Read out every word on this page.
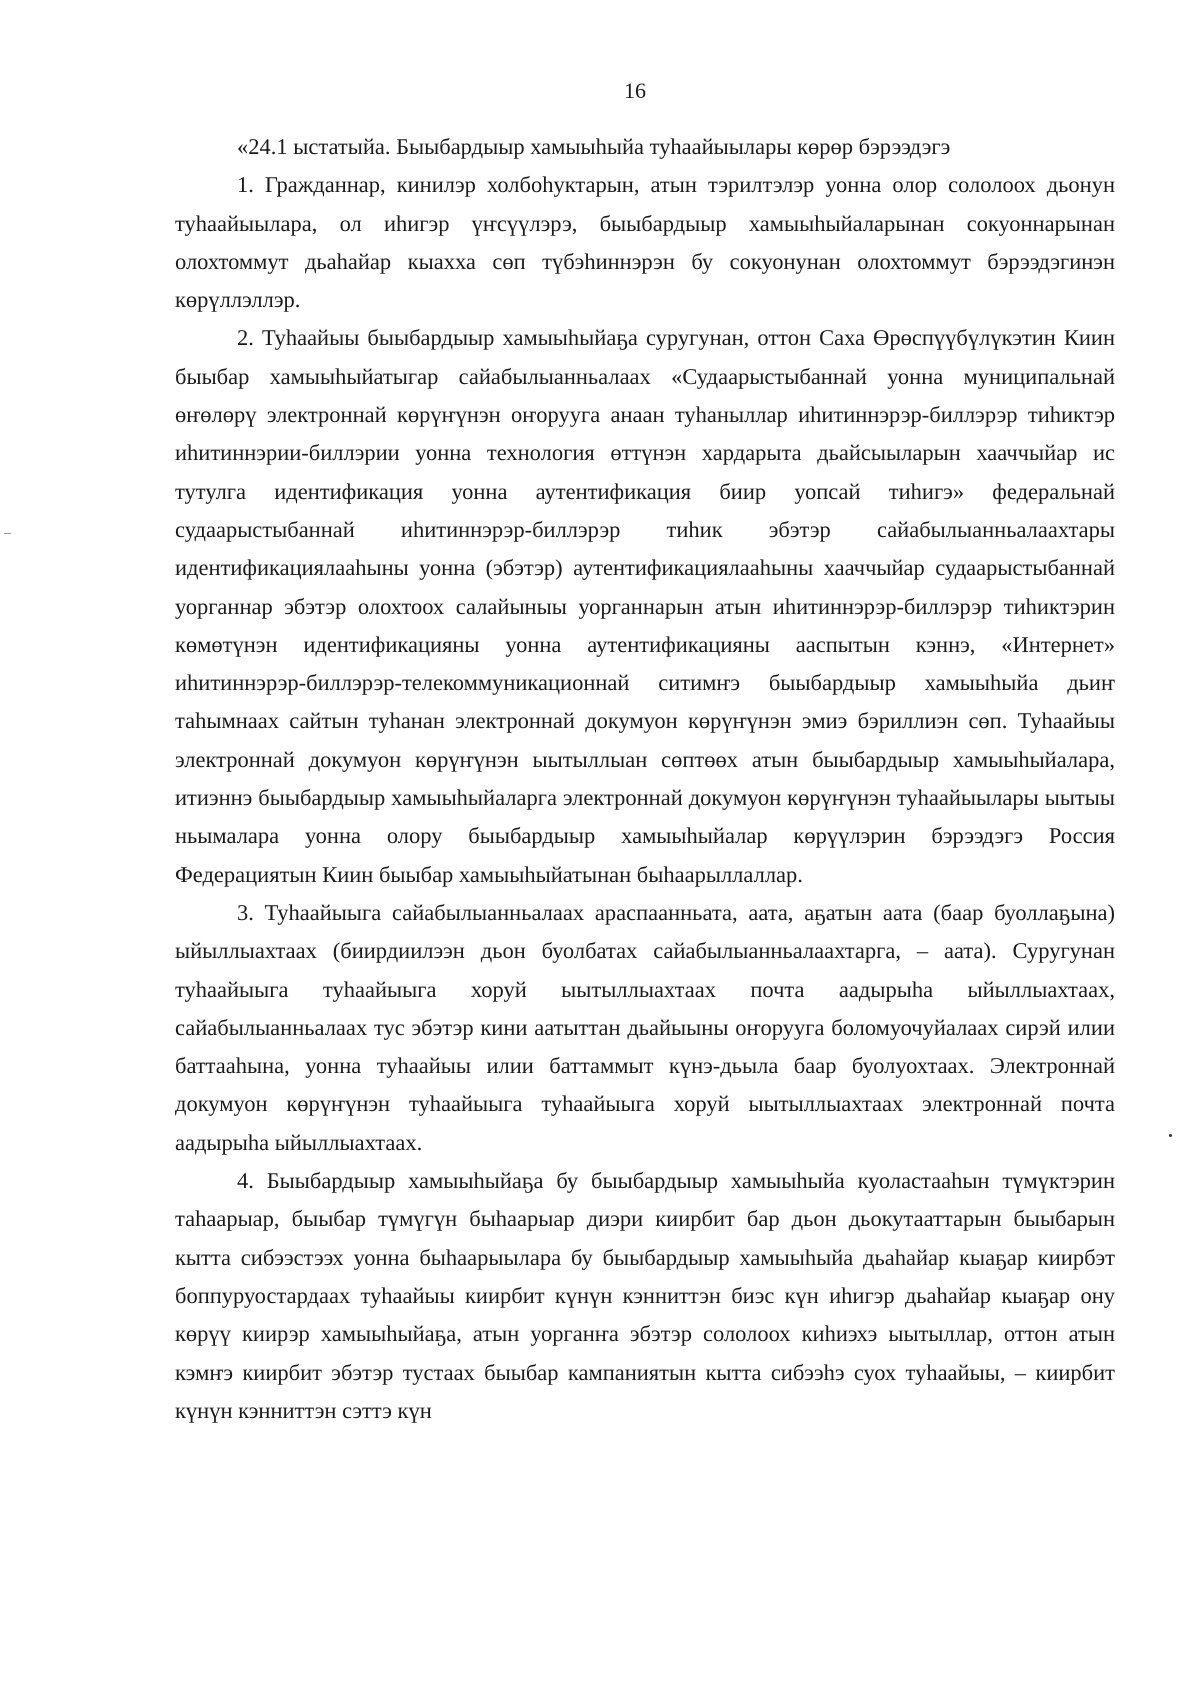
16

«24.1 ыстатыйа. Быыбардыыр хамыыһыйа туһаайыылары көрөр бэрээдэгэ

1. Гражданнар, кинилэр холбоһуктарын, атын тэрилтэлэр уонна олор сололоох дьонун туһаайыылара, ол иһигэр үҥсүүлэрэ, быыбардыыр хамыыһыйаларынан сокуоннарынан олохтоммут дьаһайар кыахха сөп түбэһиннэрэн бу сокуонунан олохтоммут бэрээдэгинэн көрүллэллэр.

2. Туһаайыы быыбардыыр хамыыһыйаҕа суругунан, оттон Саха Өрөспүүбүлүкэтин Киин быыбар хамыыһыйатыгар сайабылыанньалаах «Судаарыстыбаннай уонна муниципальнай өҥөлөрү электроннай көрүҥүнэн оҥорууга анаан туһаныллар иһитиннэрэр-биллэрэр тиһиктэр иһитиннэрии-биллэрии уонна технология өттүнэн хардарыта дьайсыыларын хааччыйар ис тутулга идентификация уонна аутентификация биир уопсай тиһигэ» федеральнай судаарыстыбаннай иһитиннэрэр-биллэрэр тиһик эбэтэр сайабылыанньалаахтары идентификациялааһыны уонна (эбэтэр) аутентификациялааһыны хааччыйар судаарыстыбаннай уорганнар эбэтэр олохтоох салайыныы уорганнарын атын иһитиннэрэр-биллэрэр тиһиктэрин көмөтүнэн идентификацияны уонна аутентификацияны ааспытын кэннэ, «Интернет» иһитиннэрэр-биллэрэр-телекоммуникационнай ситимҥэ быыбардыыр хамыыһыйа дьиҥ таһымнаах сайтын туһанан электроннай докумуон көрүҥүнэн эмиэ бэриллиэн сөп. Туһаайыы электроннай докумуон көрүҥүнэн ыытыллыан сөптөөх атын быыбардыыр хамыыһыйалара, итиэннэ быыбардыыр хамыыһыйаларга электроннай докумуон көрүҥүнэн туһаайыылары ыытыы ньымалара уонна олору быыбардыыр хамыыһыйалар көрүүлэрин бэрээдэгэ Россия Федерациятын Киин быыбар хамыыһыйатынан быһаарыллаллар.

3. Туһаайыыга сайабылыанньалаах араспаанньата, аата, аҕатын аата (баар буоллаҕына) ыйыллыахтаах (биирдиилээн дьон буолбатах сайабылыанньалаахтарга, – аата). Суругунан туһаайыыга туһаайыыга хоруй ыытыллыахтаах почта аадырыһа ыйыллыахтаах, сайабылыанньалаах тус эбэтэр кини аатыттан дьайыыны оҥорууга боломуочуйалаах сирэй илии баттааһына, уонна туһаайыы илии баттаммыт күнэ-дьыла баар буолуохтаах. Электроннай докумуон көрүҥүнэн туһаайыыга туһаайыыга хоруй ыытыллыахтаах электроннай почта аадырыһа ыйыллыахтаах.

4. Быыбардыыр хамыыһыйаҕа бу быыбардыыр хамыыһыйа куоластааһын түмүктэрин таһаарыар, быыбар түмүгүн быһаарыар диэри киирбит бар дьон дьокутааттарын быыбарын кытта сибээстээх уонна быһаарыылара бу быыбардыыр хамыыһыйа дьаһайар кыаҕар киирбэт боппуруостардаах туһаайыы киирбит күнүн кэнниттэн биэс күн иһигэр дьаһайар кыаҕар ону көрүү киирэр хамыыһыйаҕа, атын уорганҥа эбэтэр сололоох киһиэхэ ыытыллар, оттон атын кэмҥэ киирбит эбэтэр тустаах быыбар кампаниятын кытта сибээһэ суох туһаайыы, – киирбит күнүн кэнниттэн сэттэ күн
